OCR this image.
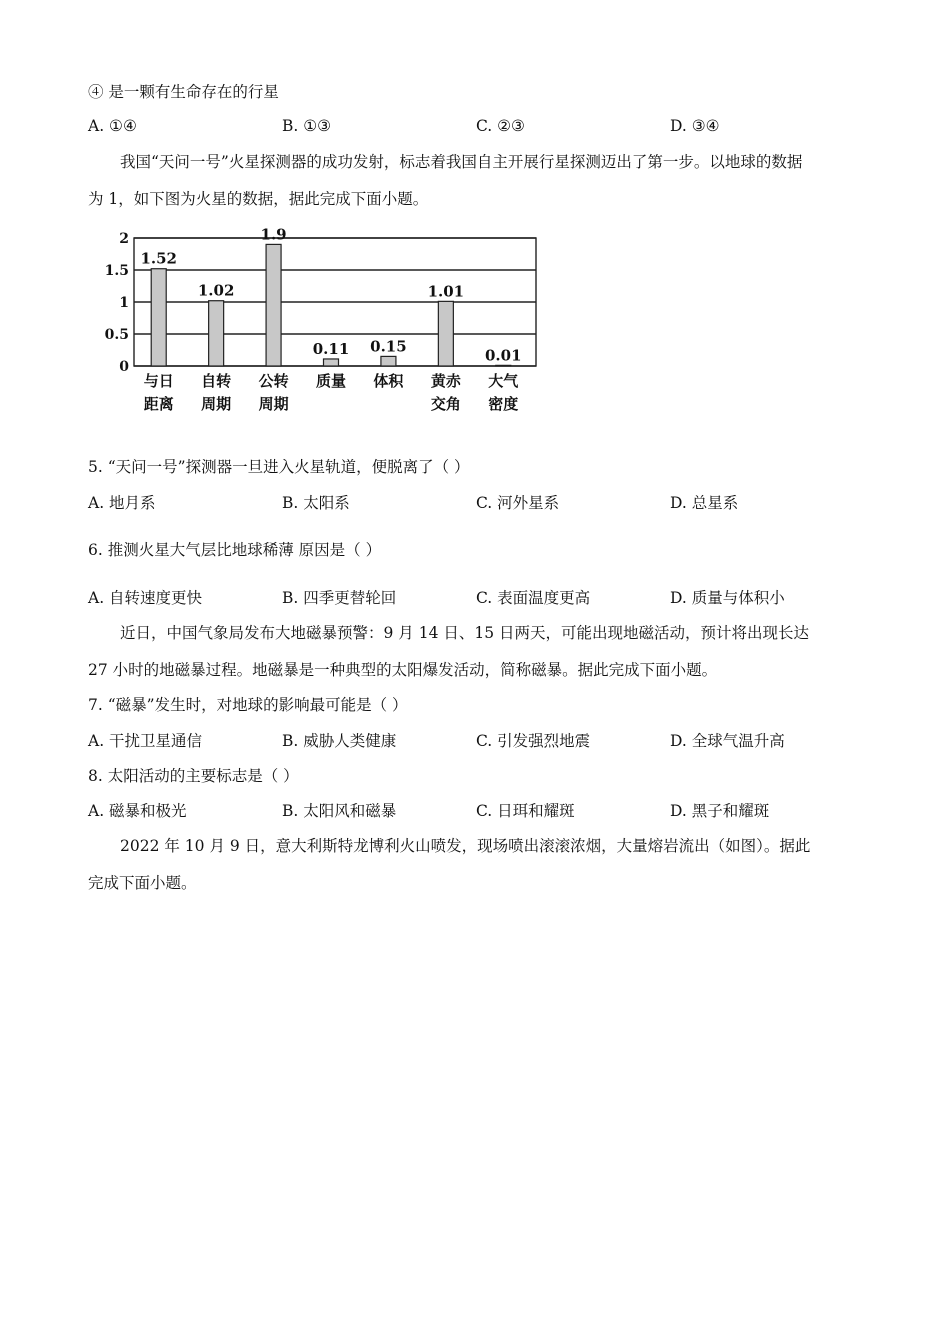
④ 是一颗有生命存在的行星
A. ①④	B. ①③	C. ②③	D. ③④
我国“天问一号”火星探测器的成功发射，标志着我国自主开展行星探测迈出了第一步。以地球的数据
为 1，如下图为火星的数据，据此完成下面小题。
0
0.5
1
1.5
2
1.52
与日
距离
1.02
自转
周期
1.9
公转
周期
0.11
质量
0.15
体积
1.01
黄赤
交角
0.01
大气
密度
5. “天问一号”探测器一旦进入火星轨道，便脱离了（ ）
A. 地月系	B. 太阳系	C. 河外星系	D. 总星系
6. 推测火星大气层比地球稀薄 原因是（ ）
A. 自转速度更快	B. 四季更替轮回	C. 表面温度更高	D. 质量与体积小
近日，中国气象局发布大地磁暴预警：9 月 14 日、15 日两天，可能出现地磁活动，预计将出现长达
27 小时的地磁暴过程。地磁暴是一种典型的太阳爆发活动，简称磁暴。据此完成下面小题。
7. “磁暴”发生时，对地球的影响最可能是（ ）
A. 干扰卫星通信	B. 威胁人类健康	C. 引发强烈地震	D. 全球气温升高
8. 太阳活动的主要标志是（ ）
A. 磁暴和极光	B. 太阳风和磁暴	C. 日珥和耀斑	D. 黑子和耀斑
2022 年 10 月 9 日，意大利斯特龙博利火山喷发，现场喷出滚滚浓烟，大量熔岩流出（如图）。据此
完成下面小题。
